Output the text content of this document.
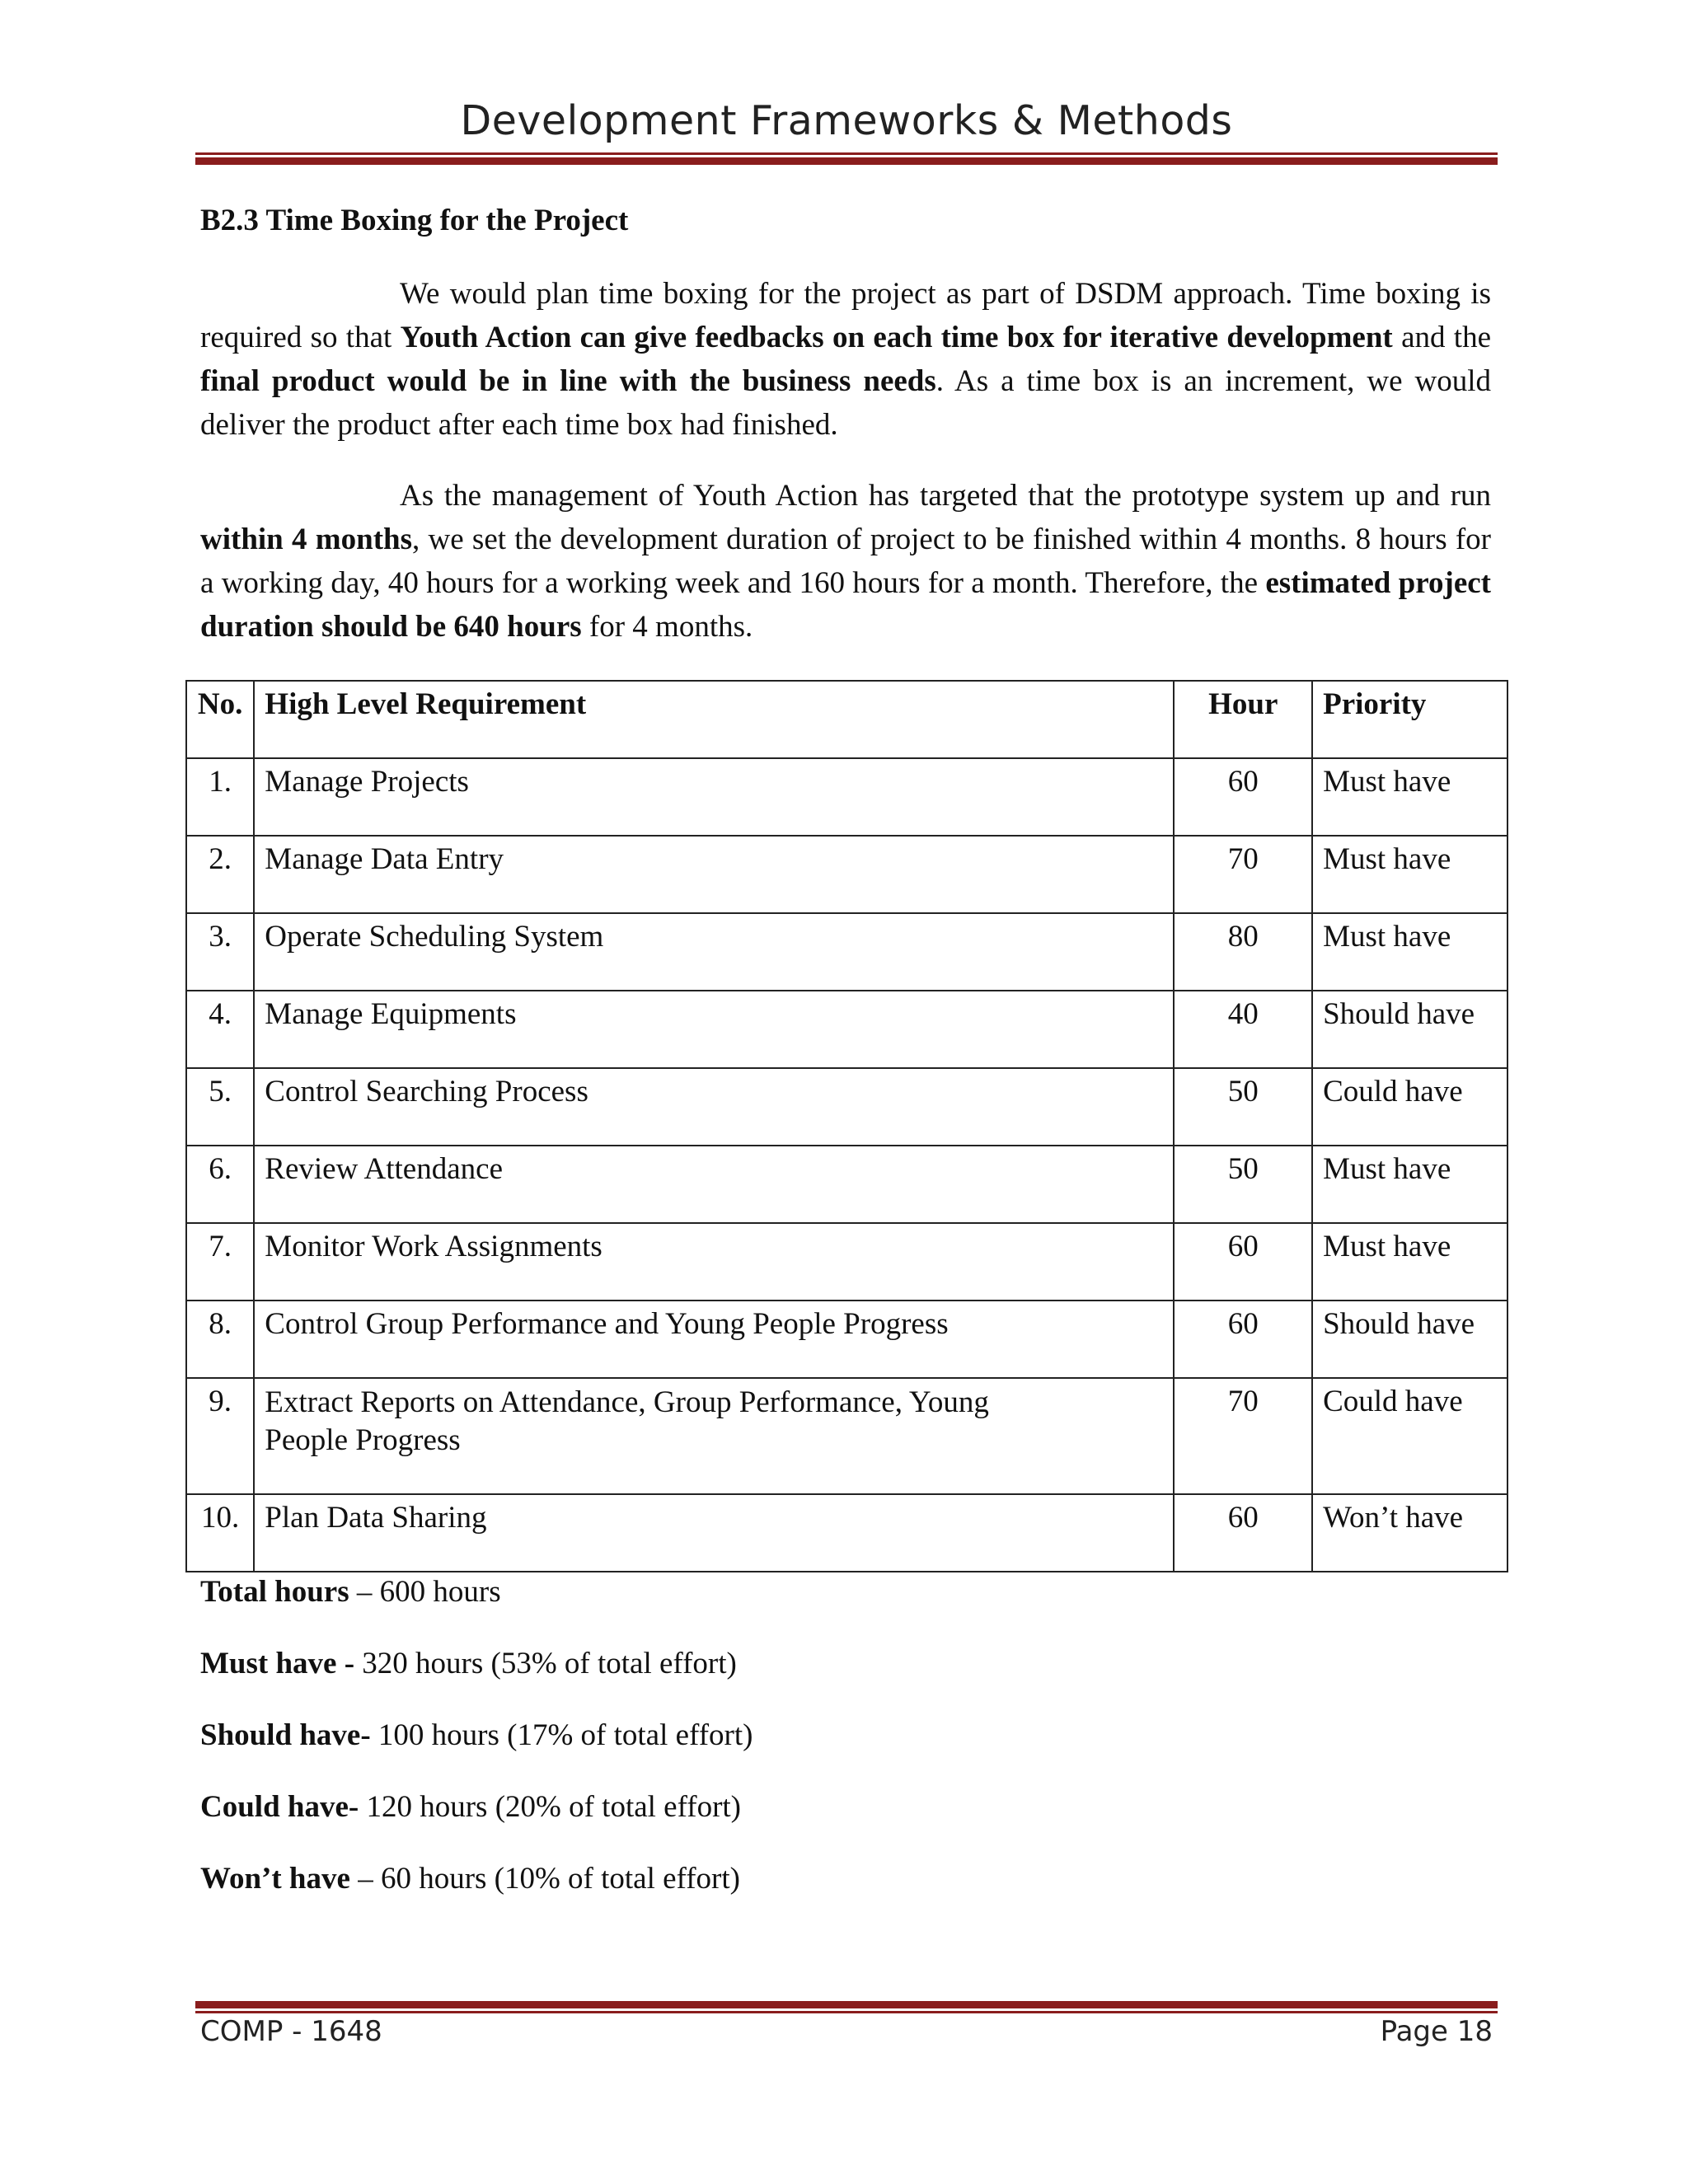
Development Frameworks & Methods
B2.3 Time Boxing for the Project

We would plan time boxing for the project as part of DSDM approach. Time boxing is required so that Youth Action can give feedbacks on each time box for iterative development and the final product would be in line with the business needs. As a time box is an increment, we would deliver the product after each time box had finished.

As the management of Youth Action has targeted that the prototype system up and run within 4 months, we set the development duration of project to be finished within 4 months. 8 hours for a working day, 40 hours for a working week and 160 hours for a month. Therefore, the estimated project duration should be 640 hours for 4 months.

No.	High Level Requirement	Hour	Priority
1.	Manage Projects	60	Must have
2.	Manage Data Entry	70	Must have
3.	Operate Scheduling System	80	Must have
4.	Manage Equipments	40	Should have
5.	Control Searching Process	50	Could have
6.	Review Attendance	50	Must have
7.	Monitor Work Assignments	60	Must have
8.	Control Group Performance and Young People Progress	60	Should have
9.	Extract Reports on Attendance, Group Performance, Young
People Progress	70	Could have
10.	Plan Data Sharing	60	Won’t have
Total hours – 600 hours
Must have - 320 hours (53% of total effort)
Should have- 100 hours (17% of total effort)
Could have- 120 hours (20% of total effort)
Won’t have – 60 hours (10% of total effort)
COMP - 1648	Page 18
